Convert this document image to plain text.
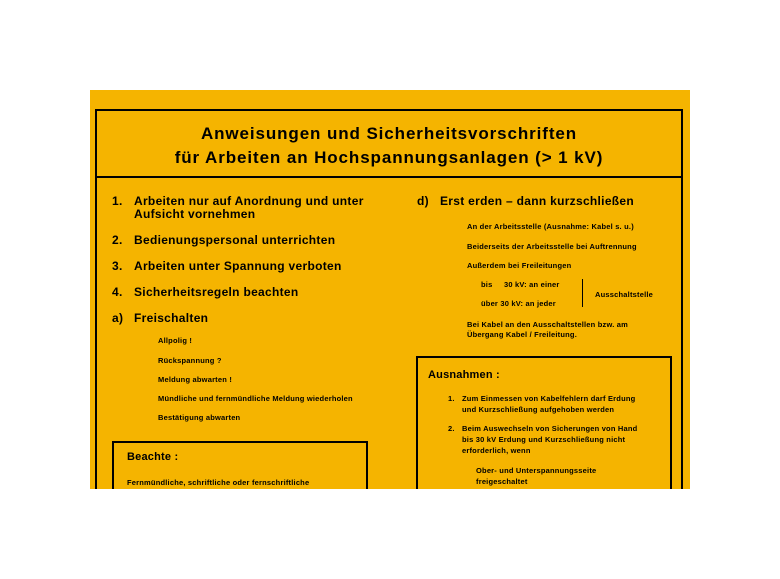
Anweisungen und Sicherheitsvorschriften
für Arbeiten an Hochspannungsanlagen (> 1 kV)
1. Arbeiten nur auf Anordnung und unter
Aufsicht vornehmen
2. Bedienungspersonal unterrichten
3. Arbeiten unter Spannung verboten
4. Sicherheitsregeln beachten
a) Freischalten
Allpolig !
Rückspannung ?
Meldung abwarten !
Mündliche und fernmündliche Meldung wiederholen
Bestätigung abwarten
Beachte :
Fernmündliche, schriftliche oder fernschriftliche
d) Erst erden – dann kurzschließen
An der Arbeitsstelle (Ausnahme: Kabel s. u.)
Beiderseits der Arbeitsstelle bei Auftrennung
Außerdem bei Freileitungen
bis 30 kV: an einer
über 30 kV: an jeder
Ausschaltstelle
Bei Kabel an den Ausschaltstellen bzw. am
Übergang Kabel / Freileitung.
Ausnahmen :
1. Zum Einmessen von Kabelfehlern darf Erdung
und Kurzschließung aufgehoben werden
2. Beim Auswechseln von Sicherungen von Hand
bis 30 kV Erdung und Kurzschließung nicht
erforderlich, wenn
Ober- und Unterspannungsseite
freigeschaltet
